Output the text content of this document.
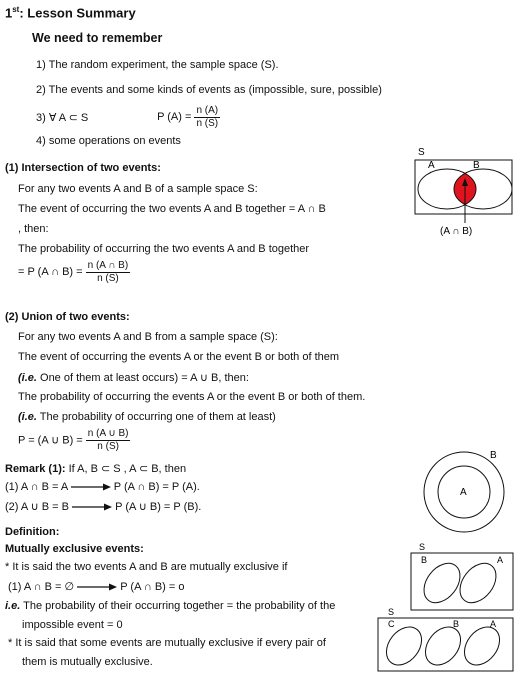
1st: Lesson Summary
We need to remember
1) The random experiment, the sample space (S).
2) The events and some kinds of events as (impossible, sure, possible)
3) ∀ A ⊂ S	P $(A) = \frac{n (A)}{n (S)}$
4) some operations on events
(1) Intersection of two events:
For any two events A and B of a sample space S:
The event of occurring the two events A and B together = A ∩ B
, then:
The probability of occurring the two events A and B together
= P (A ∩ $B) = \frac{n (A \cap B)}{n (S)}$
S
A	B
(A ∩ B)
(2) Union of two events:
For any two events A and B from a sample space (S):
The event of occurring the events A or the event B or both of them
(i.e. One of them at least occurs) = A ∪ B, then:
The probability of occurring the events A or the event B or both of them.
(i.e. The probability of occurring one of them at least)
P = (A ∪ $B) = \frac{n (A \cup B)}{n (S)}$
Remark (1): If A, B ⊂ S , A ⊂ B, then
(1) A ∩ B = A	P (A ∩ B) = P (A).
(2) A ∪ B = B	P (A ∪ B) = P (B).
B
A
Definition:
Mutually exclusive events:
* It is said the two events A and B are mutually exclusive if
(1) A ∩ B = ∅	P (A ∩ B) = o
i.e. The probability of their occurring together = the probability of the
impossible event = 0
* It is said that some events are mutually exclusive if every pair of
them is mutually exclusive.
S
B	A
S
C	B	A
